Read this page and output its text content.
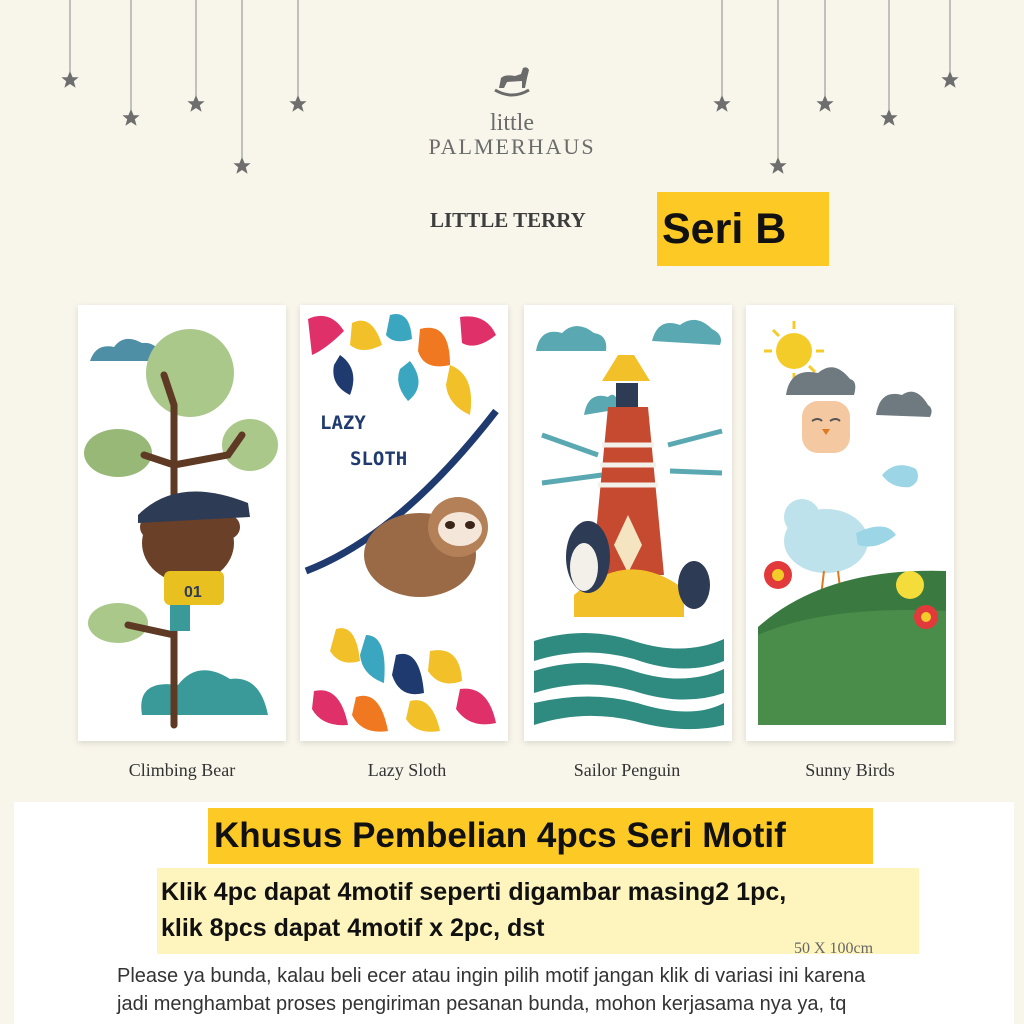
little
PALMERHAUS
LITTLE TERRY Seri B
01
LAZY
SLOTH
Climbing Bear	Lazy Sloth	Sailor Penguin	Sunny Birds
Khusus Pembelian 4pcs Seri Motif
Klik 4pc dapat 4motif seperti digambar masing2 1pc,
klik 8pcs dapat 4motif x 2pc, dst
50 X 100cm
Please ya bunda, kalau beli ecer atau ingin pilih motif jangan klik di variasi ini karena
jadi menghambat proses pengiriman pesanan bunda, mohon kerjasama nya ya, tq
